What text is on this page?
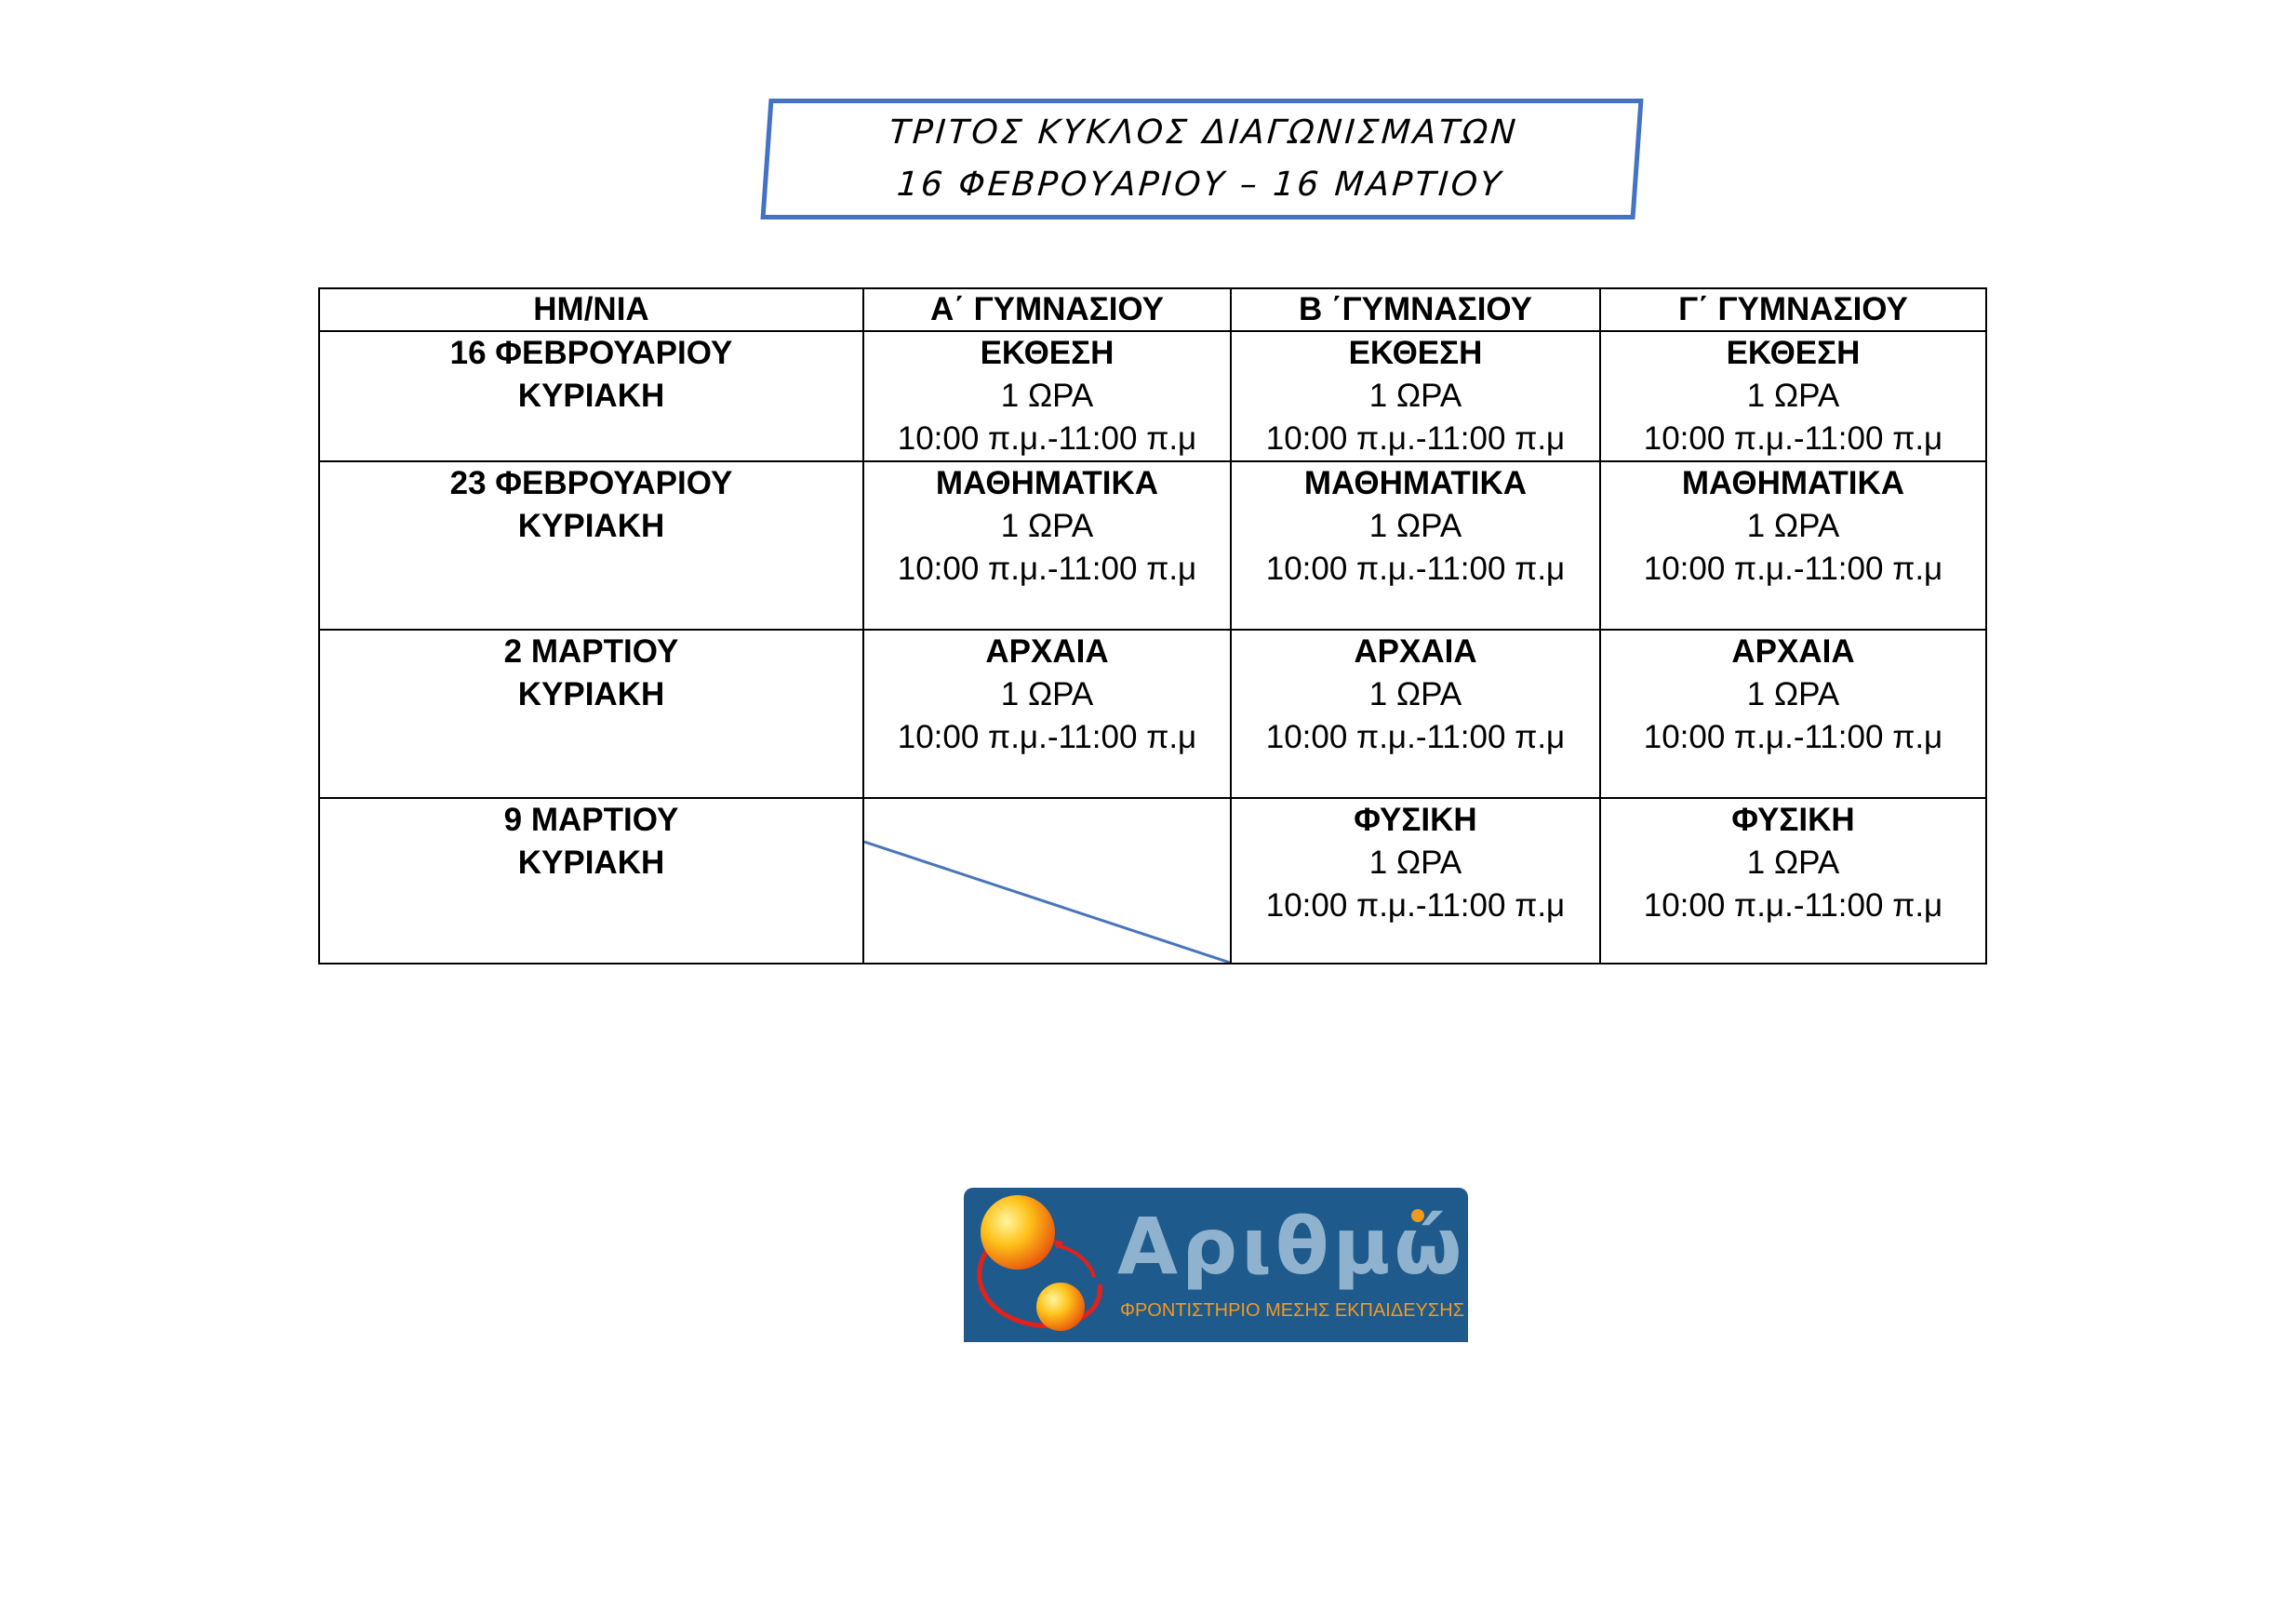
ΤΡΙΤΟΣ ΚΥΚΛΟΣ ΔΙΑΓΩΝΙΣΜΑΤΩΝ
16 ΦΕΒΡΟΥΑΡΙΟΥ – 16 ΜΑΡΤΙΟΥ
ΗΜ/ΝΙΑ	Α΄ ΓΥΜΝΑΣΙΟΥ	Β ΄ΓΥΜΝΑΣΙΟΥ	Γ΄ ΓΥΜΝΑΣΙΟΥ

16 ΦΕΒΡΟΥΑΡΙΟΥ
ΚΥΡΙΑΚΗ	ΕΚΘΕΣΗ
1 ΩΡΑ
10:00 π.μ.-11:00 π.μ	ΕΚΘΕΣΗ
1 ΩΡΑ
10:00 π.μ.-11:00 π.μ	ΕΚΘΕΣΗ
1 ΩΡΑ
10:00 π.μ.-11:00 π.μ

23 ΦΕΒΡΟΥΑΡΙΟΥ
ΚΥΡΙΑΚΗ	ΜΑΘΗΜΑΤΙΚΑ
1 ΩΡΑ
10:00 π.μ.-11:00 π.μ	ΜΑΘΗΜΑΤΙΚΑ
1 ΩΡΑ
10:00 π.μ.-11:00 π.μ	ΜΑΘΗΜΑΤΙΚΑ
1 ΩΡΑ
10:00 π.μ.-11:00 π.μ

2 ΜΑΡΤΙΟΥ
ΚΥΡΙΑΚΗ	ΑΡΧΑΙΑ
1 ΩΡΑ
10:00 π.μ.-11:00 π.μ	ΑΡΧΑΙΑ
1 ΩΡΑ
10:00 π.μ.-11:00 π.μ	ΑΡΧΑΙΑ
1 ΩΡΑ
10:00 π.μ.-11:00 π.μ

9 ΜΑΡΤΙΟΥ
ΚΥΡΙΑΚΗ		ΦΥΣΙΚΗ
1 ΩΡΑ
10:00 π.μ.-11:00 π.μ	ΦΥΣΙΚΗ
1 ΩΡΑ
10:00 π.μ.-11:00 π.μ
Αριθμώ
ΦΡΟΝΤΙΣΤΗΡΙΟ ΜΕΣΗΣ ΕΚΠΑΙΔΕΥΣΗΣ
